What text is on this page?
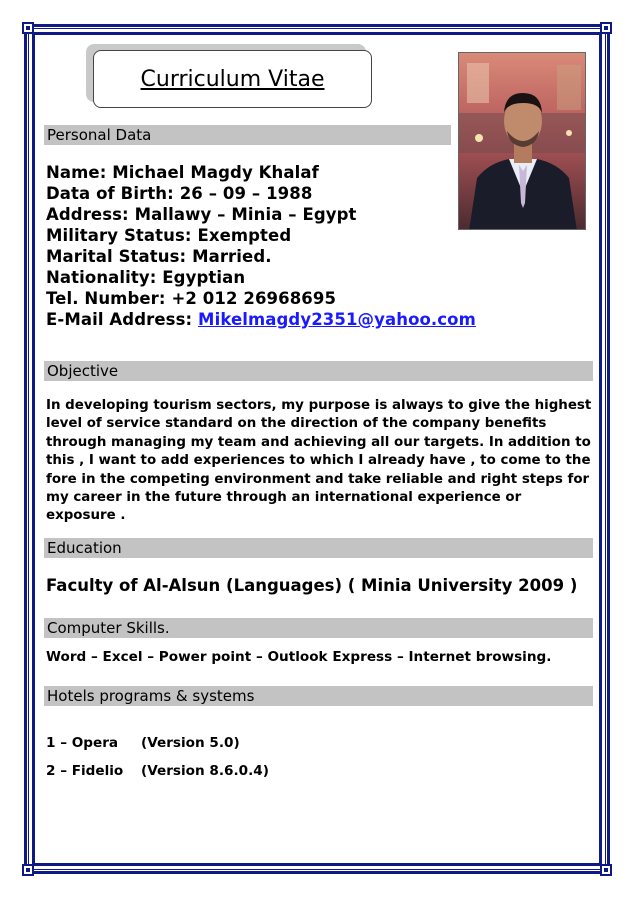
Curriculum Vitae
Personal Data
Name: Michael Magdy Khalaf
Data of Birth: 26 – 09 – 1988
Address: Mallawy – Minia – Egypt
Military Status: Exempted
Marital Status: Married.
Nationality: Egyptian
Tel. Number: +2 012 26968695
E-Mail Address: Mikelmagdy2351@yahoo.com
Objective
In developing tourism sectors, my purpose is always to give the highest level of service standard on the direction of the company benefits through managing my team and achieving all our targets. In addition to this , I want to add experiences to which I already have , to come to the fore in the competing environment and take reliable and right steps for my career in the future through an international experience or exposure .
Education
Faculty of Al-Alsun (Languages) ( Minia University 2009 )
Computer Skills.
Word – Excel – Power point – Outlook Express – Internet browsing.
Hotels programs & systems
1 – Opera (Version 5.0)
2 – Fidelio (Version 8.6.0.4)
